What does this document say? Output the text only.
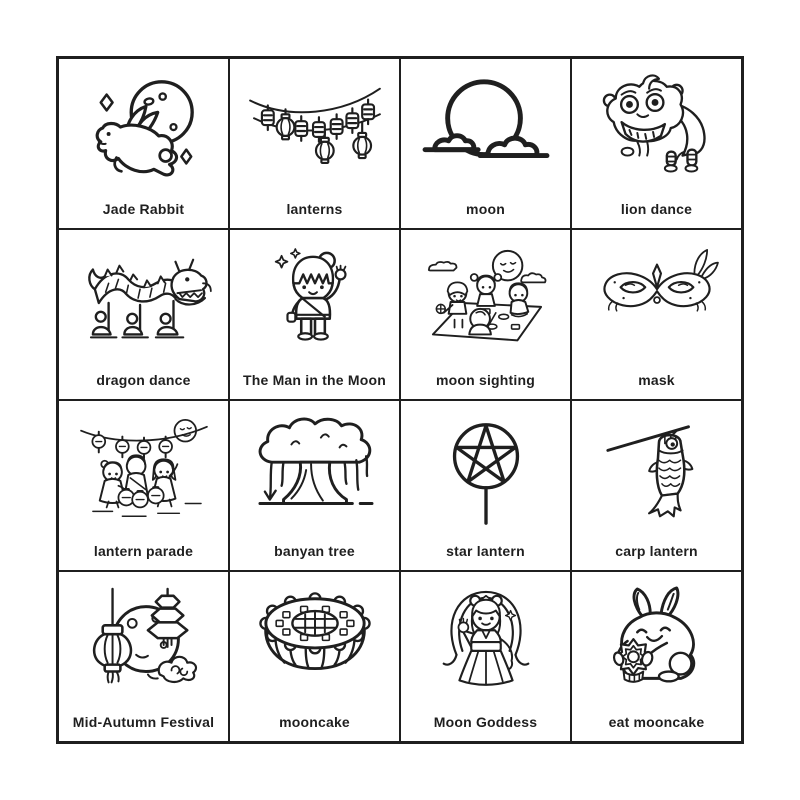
Jade Rabbit	lanterns	moon	lion dance
dragon dance	The Man in the Moon	moon sighting	mask
lantern parade	banyan tree	star lantern	carp lantern
Mid-Autumn Festival	mooncake	Moon Goddess	eat mooncake
